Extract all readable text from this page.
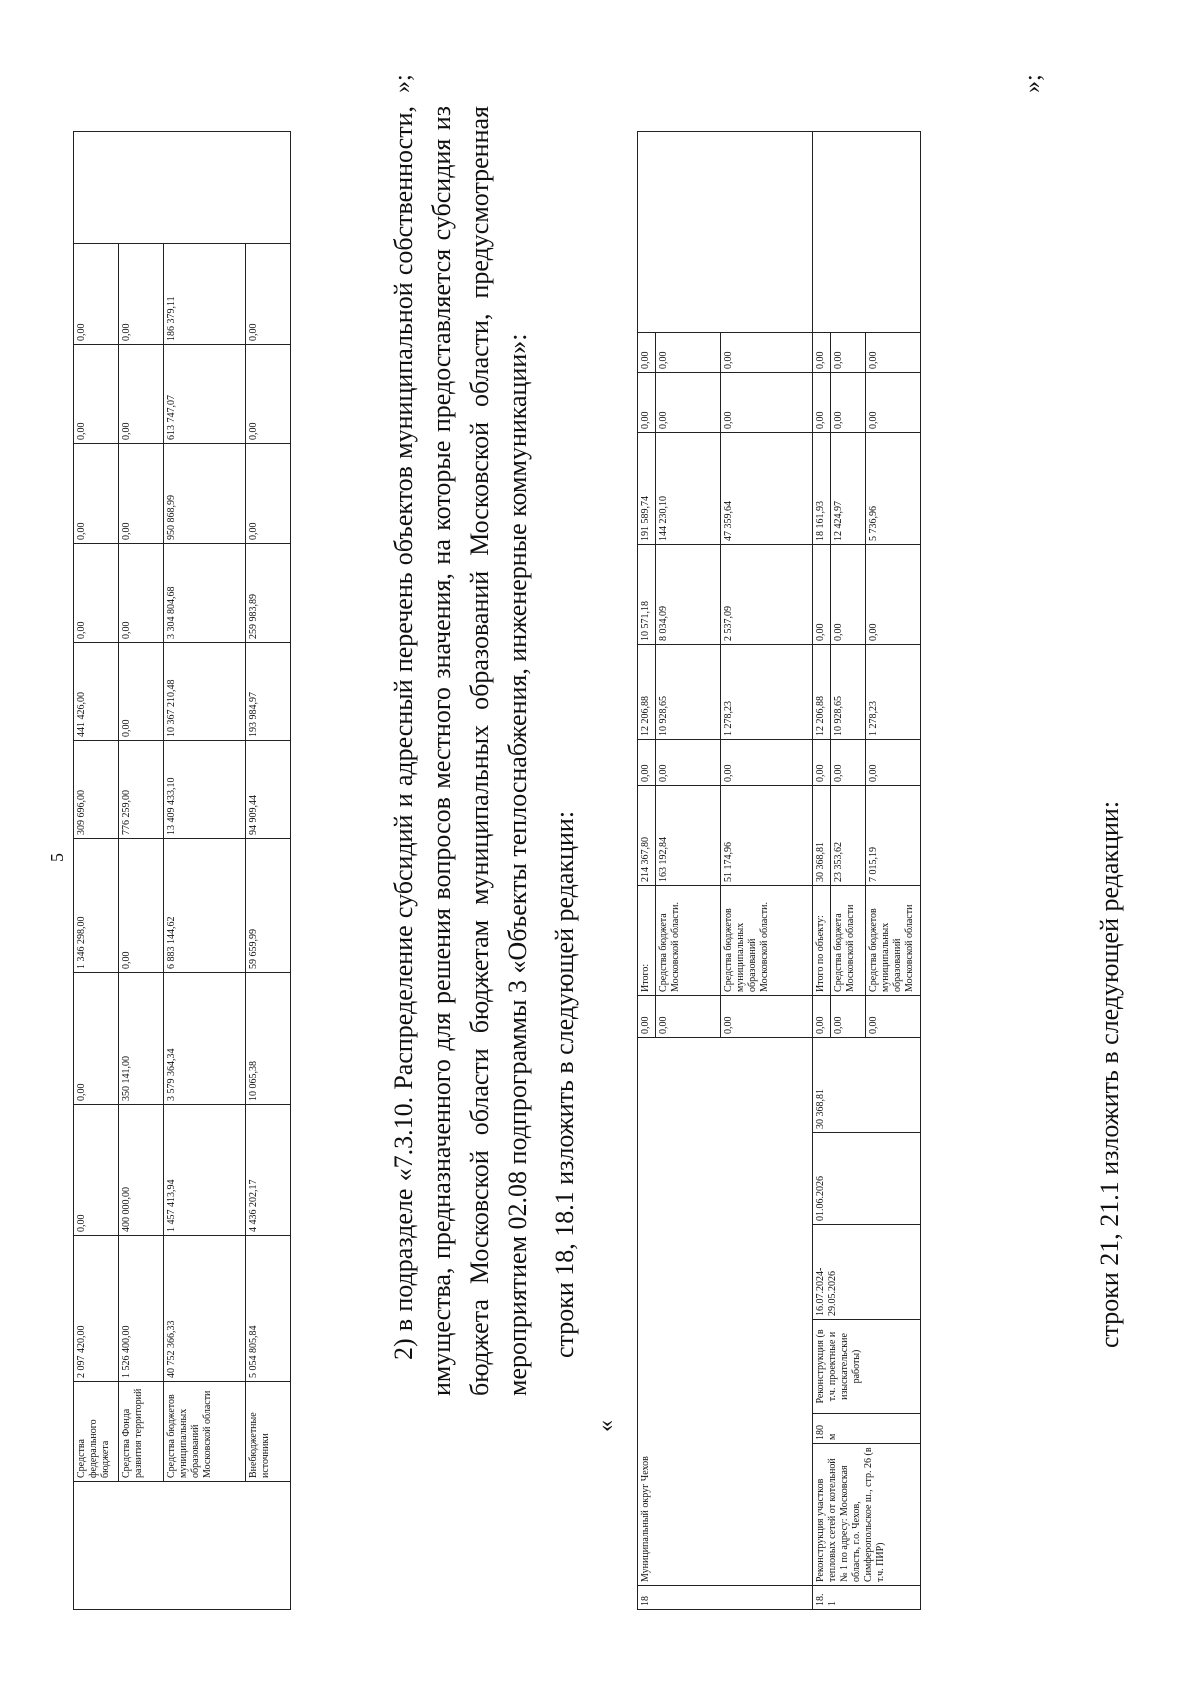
5
	Средства федерального бюджета	2 097 420,00	0,00	0,00	1 346 298,00	309 696,00	441 426,00	0,00	0,00	0,00	0,00	
	Средства Фонда развития территорий	1 526 400,00	400 000,00	350 141,00	0,00	776 259,00	0,00	0,00	0,00	0,00	0,00	
	Средства бюджетов муниципальных образований Московской области	40 752 366,33	1 457 413,94	3 579 364,34	6 883 144,62	13 409 433,10	10 367 210,48	3 304 804,68	950 868,99	613 747,07	186 379,11	
	Внебюджетные источники	5 054 805,84	4 436 202,17	10 065,38	59 659,99	94 909,44	193 984,97	259 983,89	0,00	0,00	0,00	
»;

2) в подразделе «7.3.10. Распределение субсидий и адресный перечень объектов муниципальной собственности, имущества, предназначенного для решения вопросов местного значения, на которые предоставляется субсидия из бюджета Московской области бюджетам муниципальных образований Московской области, предусмотренная мероприятием 02.08 подпрограммы 3 «Объекты теплоснабжения, инженерные коммуникации»: строки 18, 18.1 изложить в следующей редакции:
«
18	Муниципальный округ Чехов						0,00	Итого:	214 367,80	0,00	12 206,88	10 571,18	191 589,74	0,00	0,00	
							0,00	Средства бюджета Московской области.	163 192,84	0,00	10 928,65	8 034,09	144 230,10	0,00	0,00	
							0,00	Средства бюджетов муниципальных образований Московской области.	51 174,96	0,00	1 278,23	2 537,09	47 359,64	0,00	0,00	
18.1	Реконструкция участков тепловых сетей от котельной № 1 по адресу: Московская область, г.о. Чехов, Симферопольское ш., стр. 26 (в т.ч. ПИР)	180 м	Реконструкция (в т.ч. проектные и изыскательские работы)	16.07.2024-29.05.2026	01.06.2026	30 368,81	0,00	Итого по объекту:	30 368,81	0,00	12 206,88	0,00	18 161,93	0,00	0,00	
							0,00	Средства бюджета Московской области	23 353,62	0,00	10 928,65	0,00	12 424,97	0,00	0,00	
							0,00	Средства бюджетов муниципальных образований Московской области	7 015,19	0,00	1 278,23	0,00	5 736,96	0,00	0,00	
»;
строки 21, 21.1 изложить в следующей редакции:
